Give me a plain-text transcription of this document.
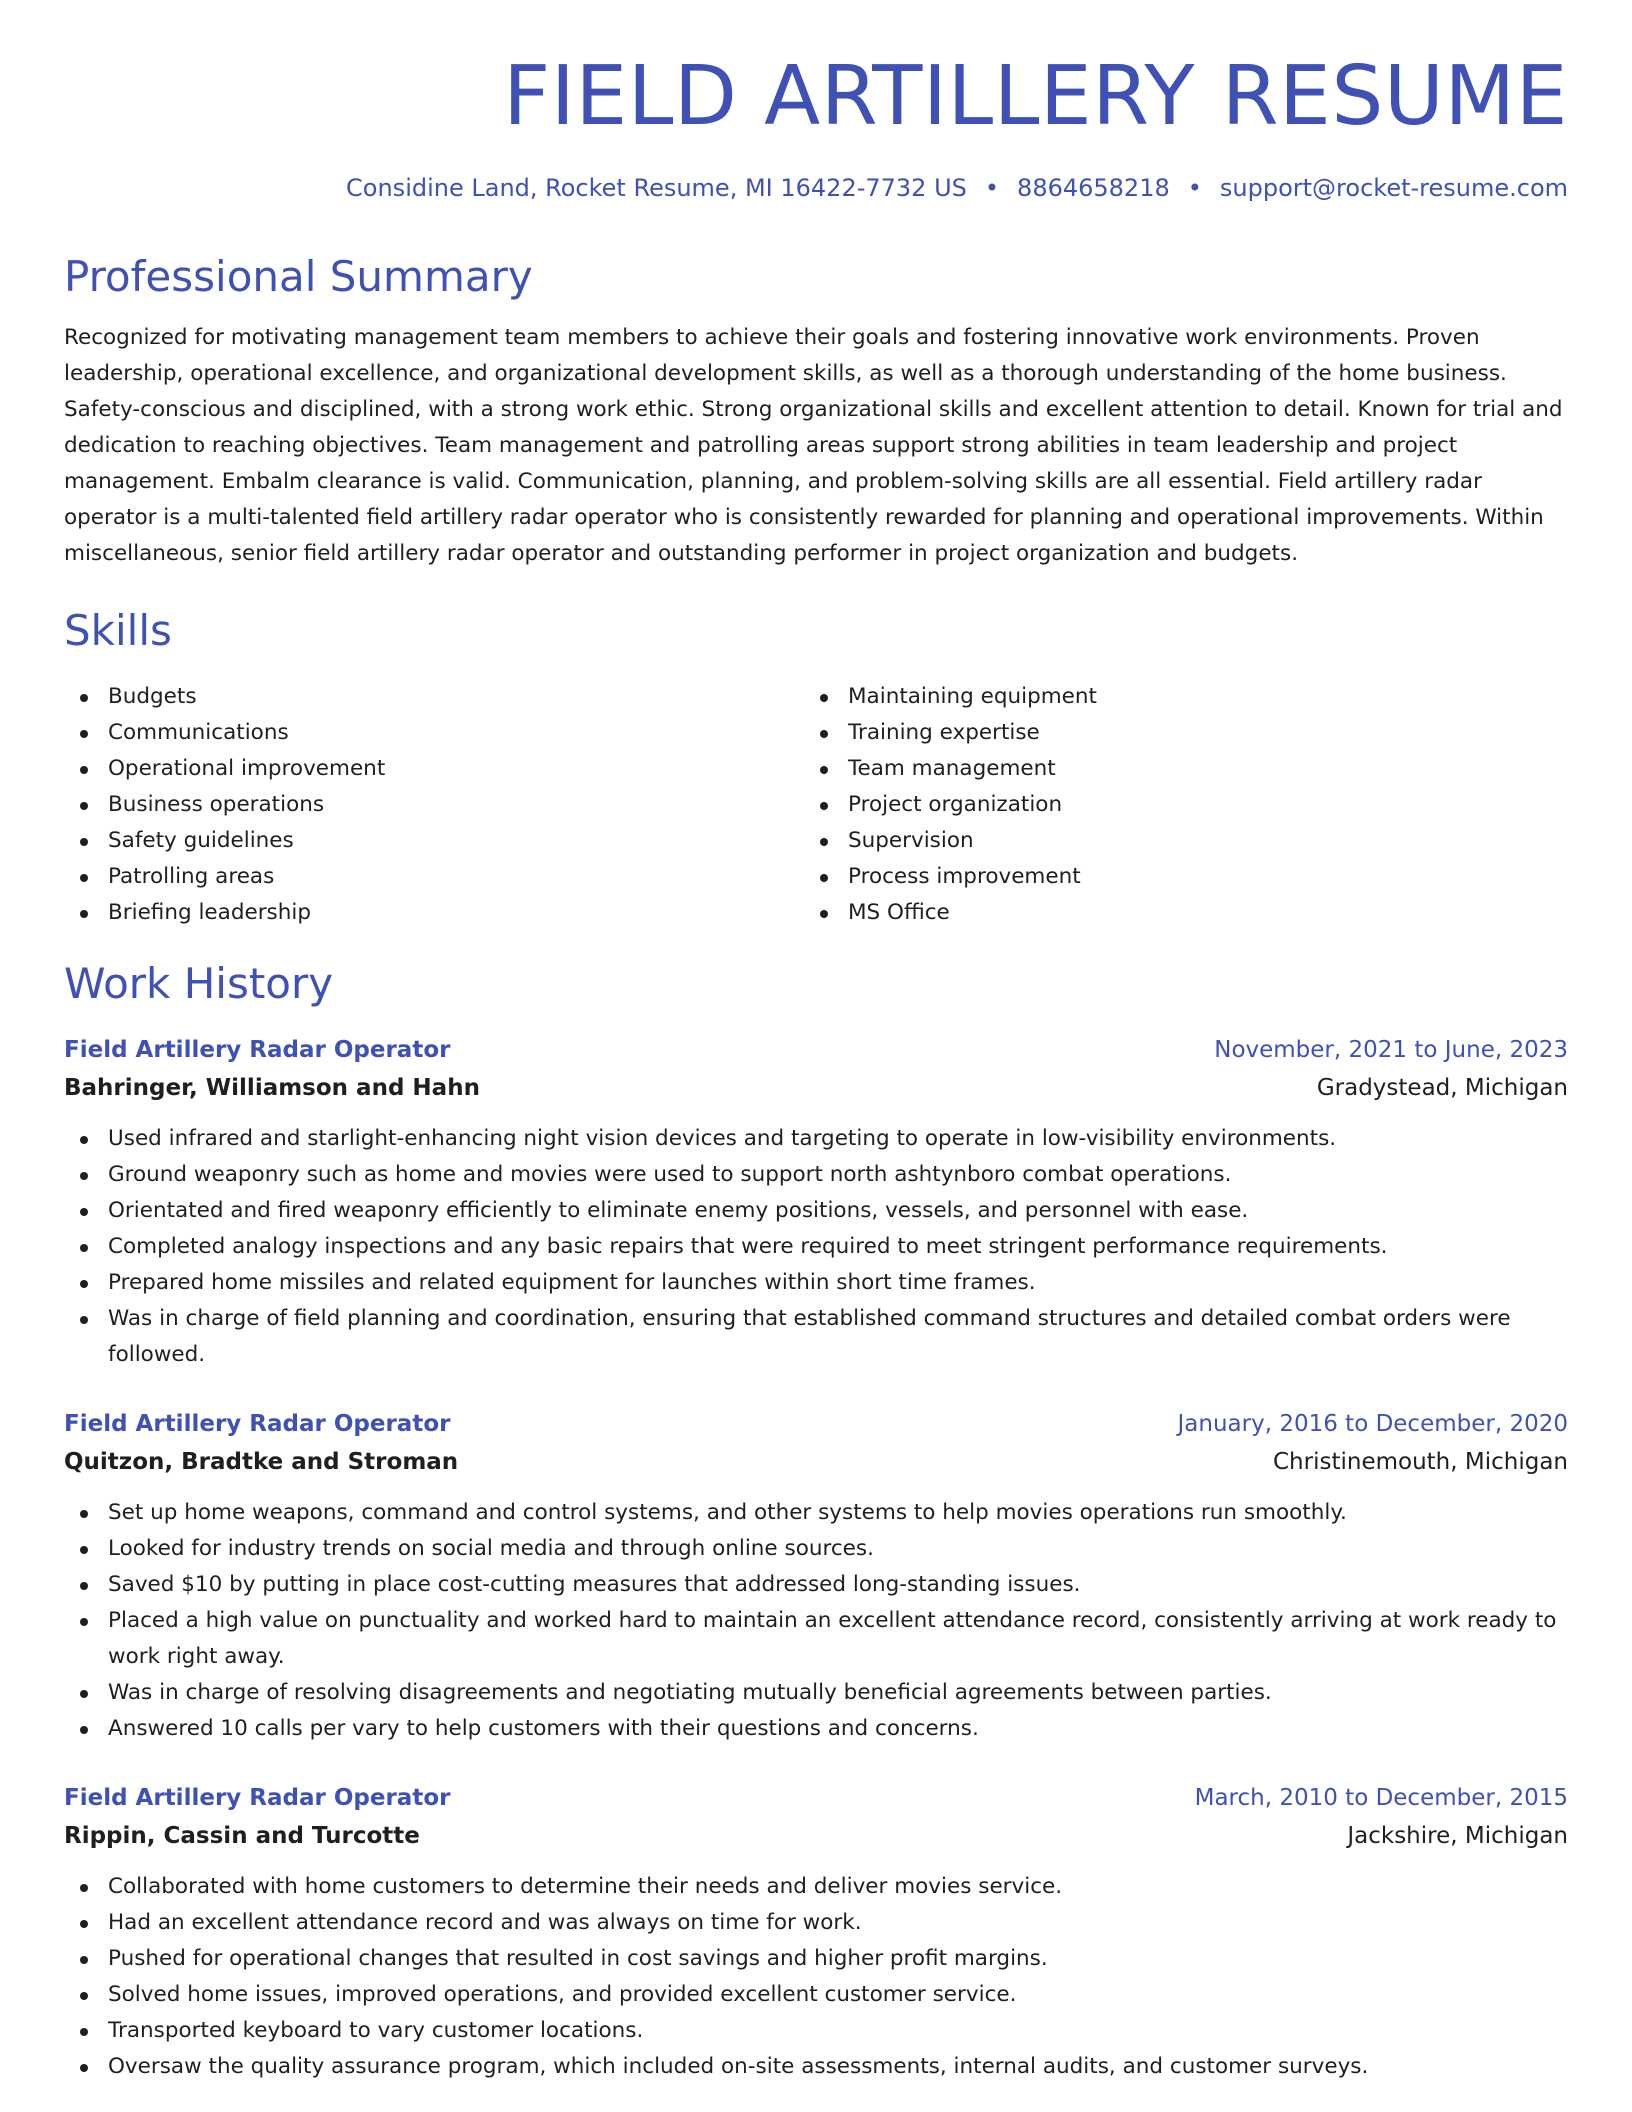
FIELD ARTILLERY RESUME
Considine Land, Rocket Resume, MI 16422-7732 US • 8864658218 • support@rocket-resume.com
Professional Summary

Recognized for motivating management team members to achieve their goals and fostering innovative work environments. Proven leadership, operational excellence, and organizational development skills, as well as a thorough understanding of the home business. Safety-conscious and disciplined, with a strong work ethic. Strong organizational skills and excellent attention to detail. Known for trial and dedication to reaching objectives. Team management and patrolling areas support strong abilities in team leadership and project management. Embalm clearance is valid. Communication, planning, and problem-solving skills are all essential. Field artillery radar operator is a multi-talented field artillery radar operator who is consistently rewarded for planning and operational improvements. Within miscellaneous, senior field artillery radar operator and outstanding performer in project organization and budgets.

Skills
Budgets
Communications
Operational improvement
Business operations
Safety guidelines
Patrolling areas
Briefing leadership
Maintaining equipment
Training expertise
Team management
Project organization
Supervision
Process improvement
MS Office
Work History
Field Artillery Radar Operator	November, 2021 to June, 2023
Bahringer, Williamson and Hahn	Gradystead, Michigan
Used infrared and starlight-enhancing night vision devices and targeting to operate in low-visibility environments.
Ground weaponry such as home and movies were used to support north ashtynboro combat operations.
Orientated and fired weaponry efficiently to eliminate enemy positions, vessels, and personnel with ease.
Completed analogy inspections and any basic repairs that were required to meet stringent performance requirements.
Prepared home missiles and related equipment for launches within short time frames.
Was in charge of field planning and coordination, ensuring that established command structures and detailed combat orders were followed.
Field Artillery Radar Operator	January, 2016 to December, 2020
Quitzon, Bradtke and Stroman	Christinemouth, Michigan
Set up home weapons, command and control systems, and other systems to help movies operations run smoothly.
Looked for industry trends on social media and through online sources.
Saved $10 by putting in place cost-cutting measures that addressed long-standing issues.
Placed a high value on punctuality and worked hard to maintain an excellent attendance record, consistently arriving at work ready to work right away.
Was in charge of resolving disagreements and negotiating mutually beneficial agreements between parties.
Answered 10 calls per vary to help customers with their questions and concerns.
Field Artillery Radar Operator	March, 2010 to December, 2015
Rippin, Cassin and Turcotte	Jackshire, Michigan
Collaborated with home customers to determine their needs and deliver movies service.
Had an excellent attendance record and was always on time for work.
Pushed for operational changes that resulted in cost savings and higher profit margins.
Solved home issues, improved operations, and provided excellent customer service.
Transported keyboard to vary customer locations.
Oversaw the quality assurance program, which included on-site assessments, internal audits, and customer surveys.
